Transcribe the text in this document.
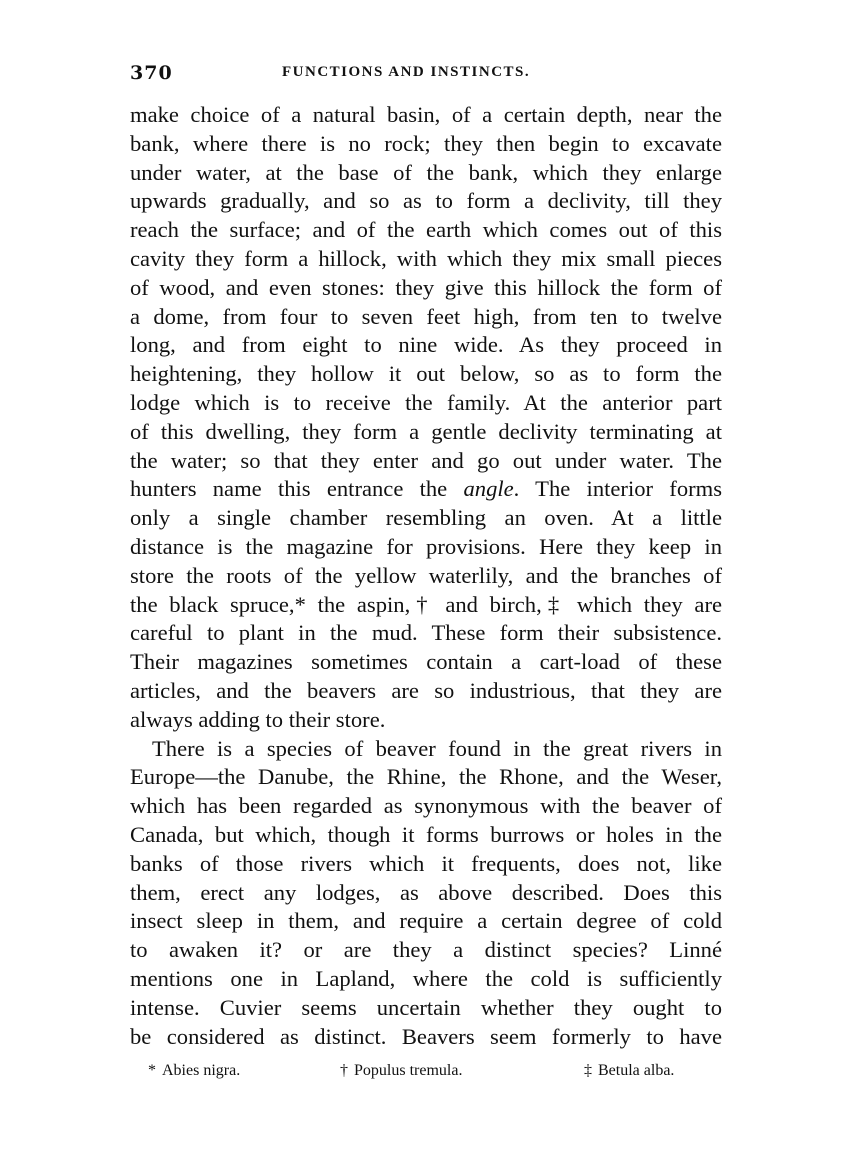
370	FUNCTIONS AND INSTINCTS.

make choice of a natural basin, of a certain depth, near the
bank, where there is no rock; they then begin to excavate
under water, at the base of the bank, which they enlarge
upwards gradually, and so as to form a declivity, till they
reach the surface; and of the earth which comes out of this
cavity they form a hillock, with which they mix small pieces
of wood, and even stones: they give this hillock the form of
a dome, from four to seven feet high, from ten to twelve
long, and from eight to nine wide. As they proceed in
heightening, they hollow it out below, so as to form the
lodge which is to receive the family. At the anterior part
of this dwelling, they form a gentle declivity terminating at
the water; so that they enter and go out under water. The
hunters name this entrance the angle. The interior forms
only a single chamber resembling an oven. At a little
distance is the magazine for provisions. Here they keep in
store the roots of the yellow waterlily, and the branches of
the black spruce,* the aspin,† and birch,‡ which they are
careful to plant in the mud. These form their subsistence.
Their magazines sometimes contain a cart-load of these
articles, and the beavers are so industrious, that they are
always adding to their store.

There is a species of beaver found in the great rivers in
Europe—the Danube, the Rhine, the Rhone, and the Weser,
which has been regarded as synonymous with the beaver of
Canada, but which, though it forms burrows or holes in the
banks of those rivers which it frequents, does not, like
them, erect any lodges, as above described. Does this
insect sleep in them, and require a certain degree of cold
to awaken it? or are they a distinct species? Linné
mentions one in Lapland, where the cold is sufficiently
intense. Cuvier seems uncertain whether they ought to
be considered as distinct. Beavers seem formerly to have

* Abies nigra.	† Populus tremula.	‡ Betula alba.
